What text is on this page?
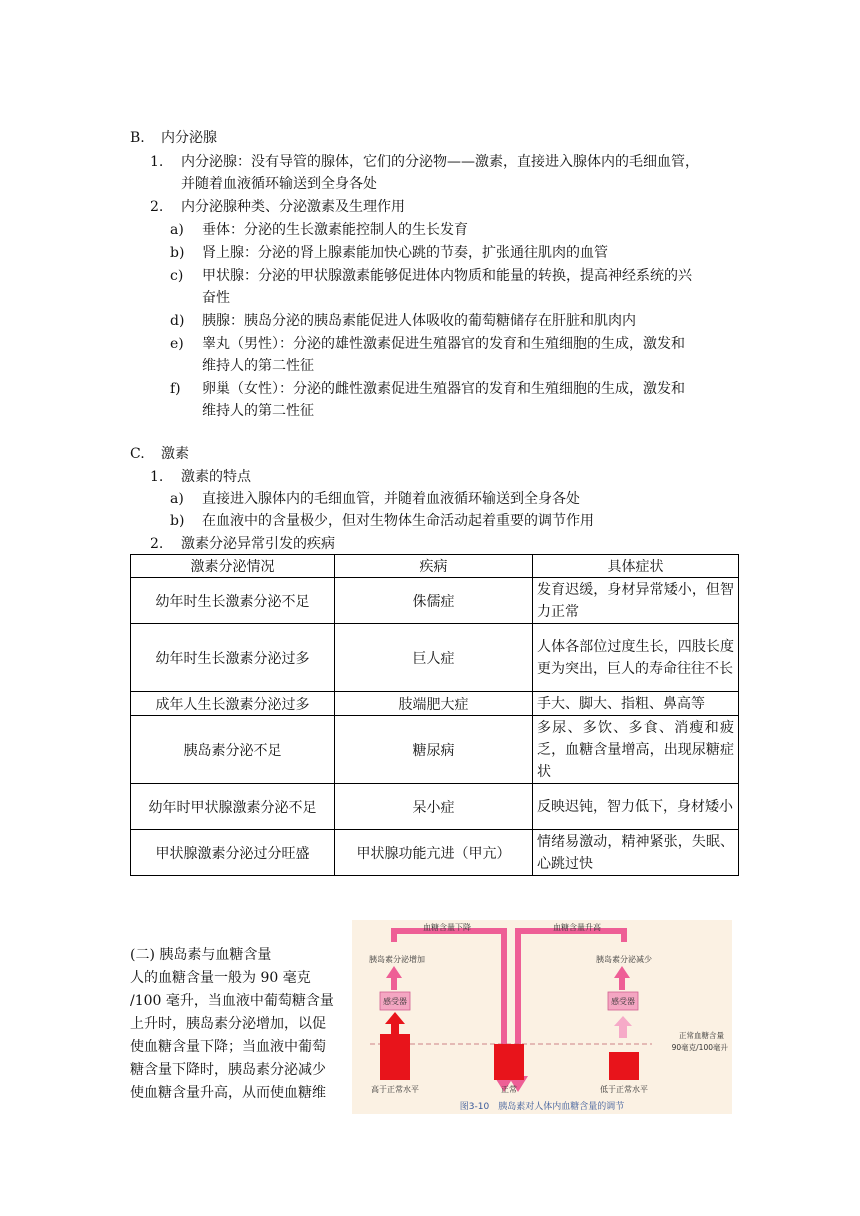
B. 内分泌腺
1. 内分泌腺：没有导管的腺体，它们的分泌物——激素，直接进入腺体内的毛细血管，
并随着血液循环输送到全身各处
2. 内分泌腺种类、分泌激素及生理作用
a) 垂体：分泌的生长激素能控制人的生长发育
b) 肾上腺：分泌的肾上腺素能加快心跳的节奏，扩张通往肌肉的血管
c) 甲状腺：分泌的甲状腺激素能够促进体内物质和能量的转换，提高神经系统的兴
奋性
d) 胰腺：胰岛分泌的胰岛素能促进人体吸收的葡萄糖储存在肝脏和肌肉内
e) 睾丸（男性）：分泌的雄性激素促进生殖器官的发育和生殖细胞的生成，激发和
维持人的第二性征
f) 卵巢（女性）：分泌的雌性激素促进生殖器官的发育和生殖细胞的生成，激发和
维持人的第二性征
C. 激素
1. 激素的特点
a) 直接进入腺体内的毛细血管，并随着血液循环输送到全身各处
b) 在血液中的含量极少，但对生物体生命活动起着重要的调节作用
2. 激素分泌异常引发的疾病
激素分泌情况	疾病	具体症状
幼年时生长激素分泌不足	侏儒症	发育迟缓，身材异常矮小，但智力正常
幼年时生长激素分泌过多	巨人症	人体各部位过度生长，四肢长度更为突出，巨人的寿命往往不长
成年人生长激素分泌过多	肢端肥大症	手大、脚大、指粗、鼻高等
胰岛素分泌不足	糖尿病	多尿、多饮、多食、消瘦和疲乏，血糖含量增高，出现尿糖症状
幼年时甲状腺激素分泌不足	呆小症	反映迟钝，智力低下，身材矮小
甲状腺激素分泌过分旺盛	甲状腺功能亢进（甲亢）	情绪易激动，精神紧张，失眠、心跳过快

(二) 胰岛素与血糖含量

人的血糖含量一般为 90 毫克

/100 毫升，当血液中葡萄糖含量

上升时，胰岛素分泌增加，以促

使血糖含量下降；当血液中葡萄

糖含量下降时，胰岛素分泌减少

使血糖含量升高，从而使血糖维

血糖含量下降	血糖含量升高
胰岛素分泌增加	胰岛素分泌减少
感受器	感受器
正常血糖含量
90毫克/100毫升
高于正常水平	正常	低于正常水平
图3-10　胰岛素对人体内血糖含量的调节
